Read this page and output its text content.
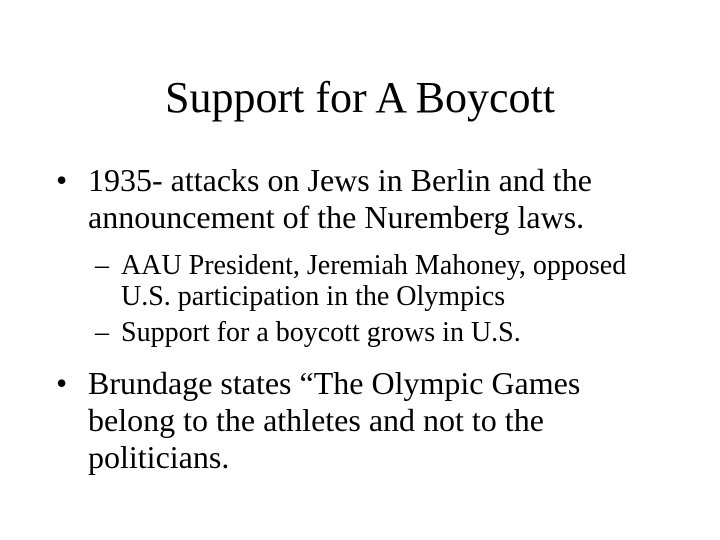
Support for A Boycott
• 1935- attacks on Jews in Berlin and the
announcement of the Nuremberg laws.
– AAU President, Jeremiah Mahoney, opposed
U.S. participation in the Olympics
– Support for a boycott grows in U.S.
• Brundage states “The Olympic Games
belong to the athletes and not to the
politicians.
